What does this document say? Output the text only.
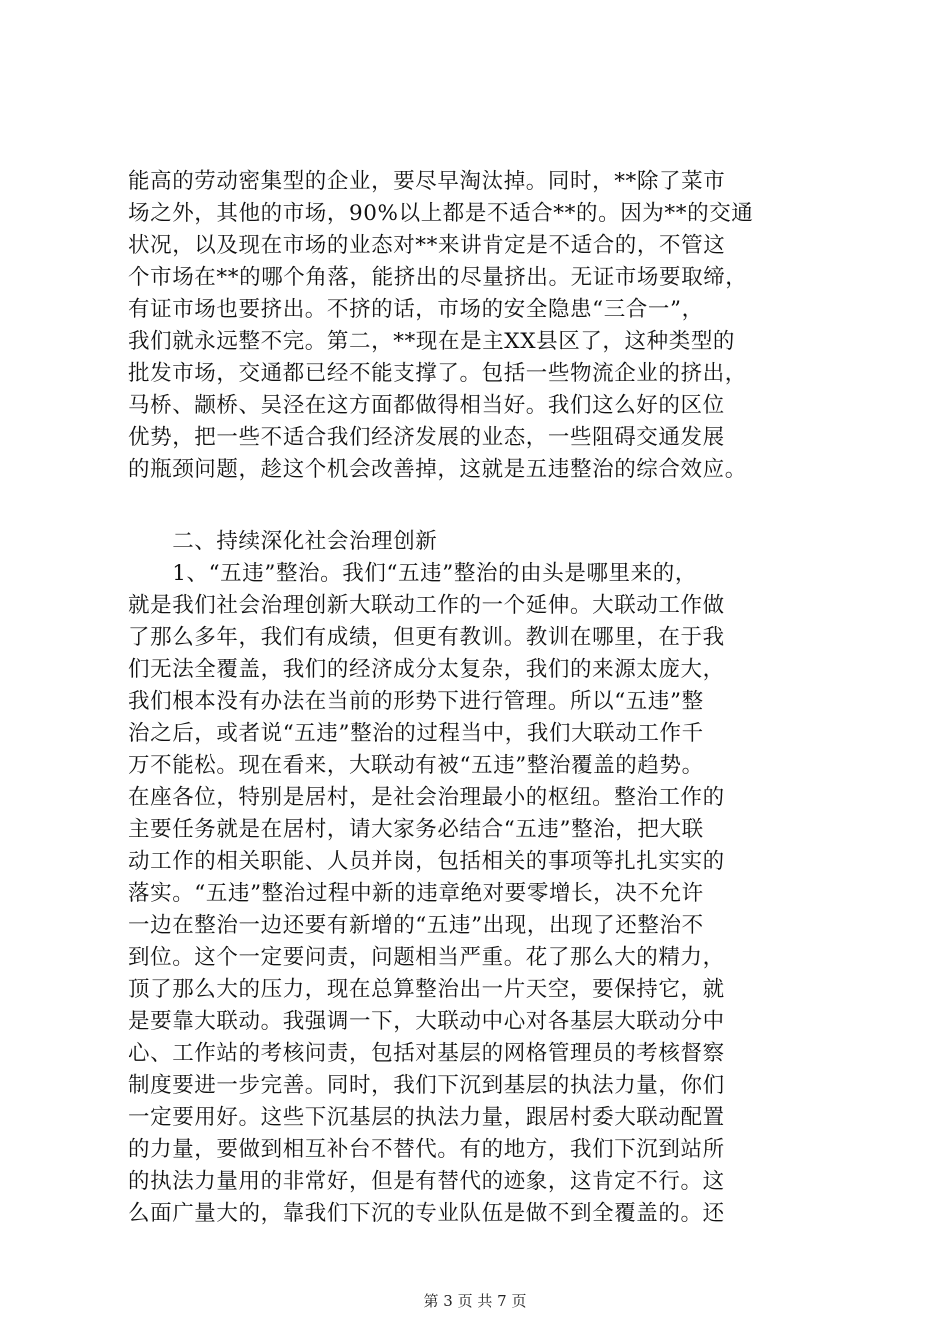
能高的劳动密集型的企业，要尽早淘汰掉。同时，**除了菜市
场之外，其他的市场，90%以上都是不适合**的。因为**的交通
状况，以及现在市场的业态对**来讲肯定是不适合的，不管这
个市场在**的哪个角落，能挤出的尽量挤出。无证市场要取缔，
有证市场也要挤出。不挤的话，市场的安全隐患“三合一”，
我们就永远整不完。第二，**现在是主XX县区了，这种类型的
批发市场，交通都已经不能支撑了。包括一些物流企业的挤出，
马桥、颛桥、吴泾在这方面都做得相当好。我们这么好的区位
优势，把一些不适合我们经济发展的业态，一些阻碍交通发展
的瓶颈问题，趁这个机会改善掉，这就是五违整治的综合效应。
　　二、持续深化社会治理创新
　　1、“五违”整治。我们“五违”整治的由头是哪里来的，
就是我们社会治理创新大联动工作的一个延伸。大联动工作做
了那么多年，我们有成绩，但更有教训。教训在哪里，在于我
们无法全覆盖，我们的经济成分太复杂，我们的来源太庞大，
我们根本没有办法在当前的形势下进行管理。所以“五违”整
治之后，或者说“五违”整治的过程当中，我们大联动工作千
万不能松。现在看来，大联动有被“五违”整治覆盖的趋势。
在座各位，特别是居村，是社会治理最小的枢纽。整治工作的
主要任务就是在居村，请大家务必结合“五违”整治，把大联
动工作的相关职能、人员并岗，包括相关的事项等扎扎实实的
落实。“五违”整治过程中新的违章绝对要零增长，决不允许
一边在整治一边还要有新增的“五违”出现，出现了还整治不
到位。这个一定要问责，问题相当严重。花了那么大的精力，
顶了那么大的压力，现在总算整治出一片天空，要保持它，就
是要靠大联动。我强调一下，大联动中心对各基层大联动分中
心、工作站的考核问责，包括对基层的网格管理员的考核督察
制度要进一步完善。同时，我们下沉到基层的执法力量，你们
一定要用好。这些下沉基层的执法力量，跟居村委大联动配置
的力量，要做到相互补台不替代。有的地方，我们下沉到站所
的执法力量用的非常好，但是有替代的迹象，这肯定不行。这
么面广量大的，靠我们下沉的专业队伍是做不到全覆盖的。还
第 3 页 共 7 页
